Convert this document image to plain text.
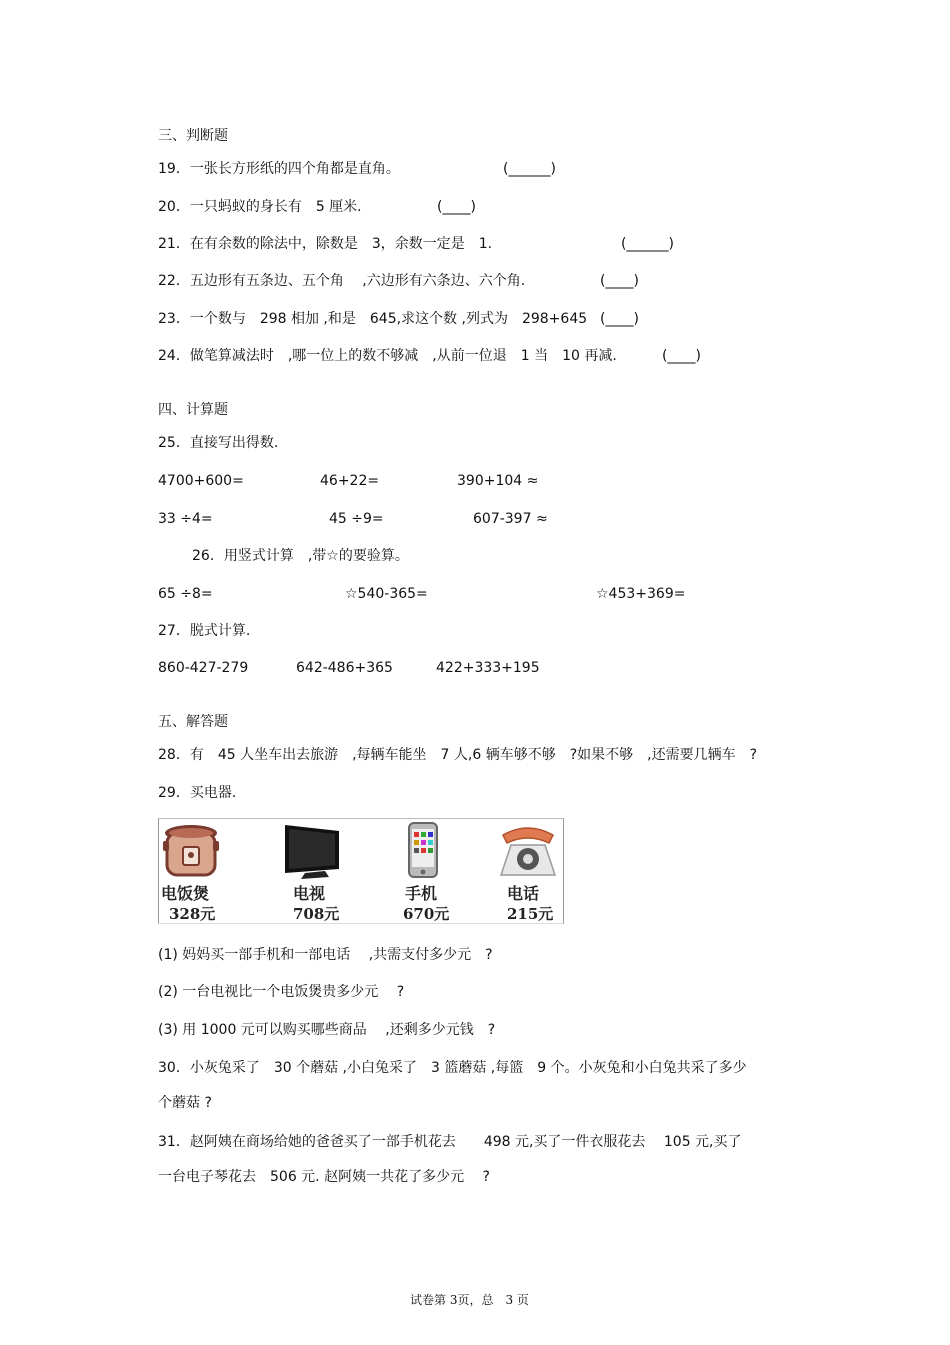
三、判断题
19．一张长方形纸的四个角都是直角。	(______)
20．一只蚂蚁的身长有　5 厘米.	(____)
21．在有余数的除法中，除数是　3，余数一定是　1.	(______)
22．五边形有五条边、五个角　 ,六边形有六条边、六个角.	(____)
23．一个数与　298 相加 ,和是　645,求这个数 ,列式为　298+645 (____)
24．做笔算减法时　,哪一位上的数不够减　,从前一位退　1 当　10 再减.	(____)
四、计算题
25．直接写出得数.
4700+600=	46+22=	390+104 ≈
33 ÷4=	45 ÷9=	607-397 ≈
26．用竖式计算　,带☆的要验算。
65 ÷8=	☆540-365=	☆453+369=
27．脱式计算.
860-427-279	642-486+365	422+333+195
五、解答题
28．有　45 人坐车出去旅游　,每辆车能坐　7 人,6 辆车够不够　?如果不够　,还需要几辆车　?
29．买电器.
电饭煲
328元
电视
708元
手机
670元
电话
215元
(1) 妈妈买一部手机和一部电话　 ,共需支付多少元　?
(2) 一台电视比一个电饭煲贵多少元　 ?
(3) 用 1000 元可以购买哪些商品　 ,还剩多少元钱　?
30．小灰兔采了　30 个蘑菇 ,小白兔采了　3 篮蘑菇 ,每篮　9 个。小灰兔和小白兔共采了多少
个蘑菇 ?
31．赵阿姨在商场给她的爸爸买了一部手机花去　　498 元,买了一件衣服花去　 105 元,买了
一台电子琴花去　506 元. 赵阿姨一共花了多少元　 ?
试卷第 3页，总　3 页
